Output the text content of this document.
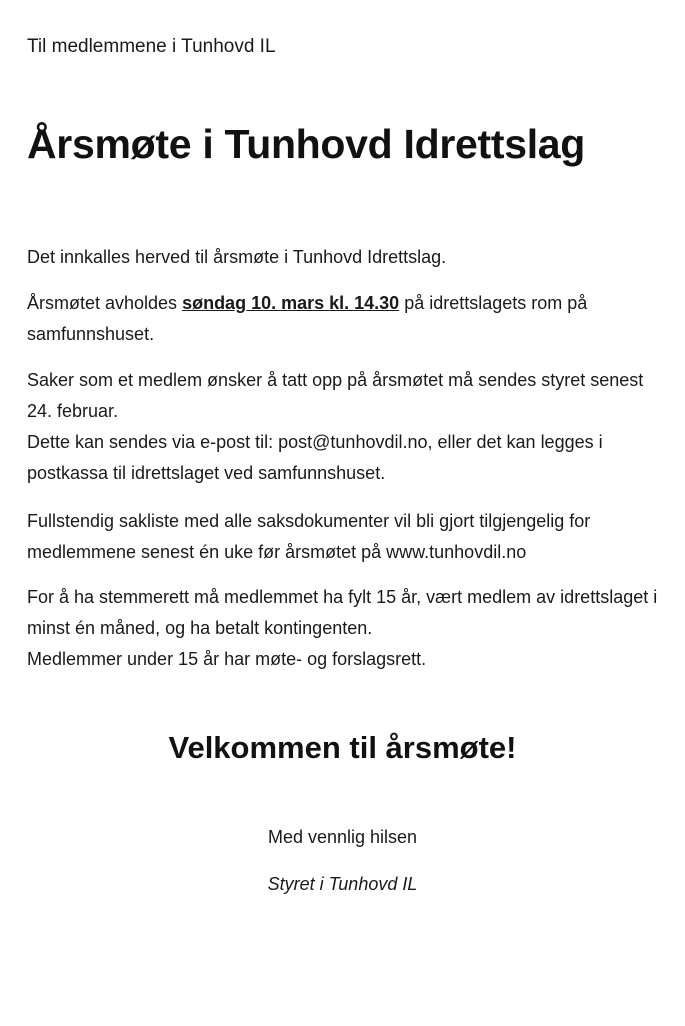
Til medlemmene i Tunhovd IL

Årsmøte i Tunhovd Idrettslag

Det innkalles herved til årsmøte i Tunhovd Idrettslag.

Årsmøtet avholdes søndag 10. mars kl. 14.30 på idrettslagets rom på samfunnshuset.

Saker som et medlem ønsker å tatt opp på årsmøtet må sendes styret senest 24. februar.
Dette kan sendes via e-post til: post@tunhovdil.no, eller det kan legges i postkassa til idrettslaget ved samfunnshuset.

Fullstendig sakliste med alle saksdokumenter vil bli gjort tilgjengelig for medlemmene senest én uke før årsmøtet på www.tunhovdil.no

For å ha stemmerett må medlemmet ha fylt 15 år, vært medlem av idrettslaget i minst én måned, og ha betalt kontingenten.
Medlemmer under 15 år har møte- og forslagsrett.

Velkommen til årsmøte!

Med vennlig hilsen

Styret i Tunhovd IL
